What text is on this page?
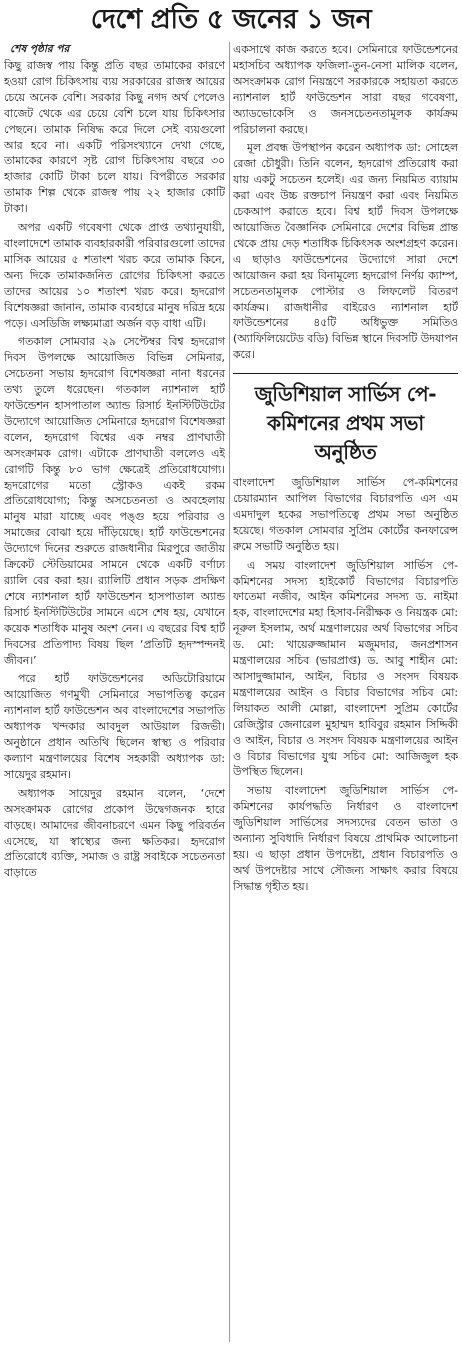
দেশে প্রতি ৫ জনের ১ জন
শেষ পৃষ্ঠার পর

কিছু রাজস্ব পায় কিন্তু প্রতি বছর তামাকের কারণে হওয়া রোগ চিকিৎসায় ব্যয় সরকারের রাজস্ব আয়ের চেয়ে অনেক বেশি। সরকার কিছু নগদ অর্থ পেলেও বাজেট থেকে এর চেয়ে বেশি চলে যায় চিকিৎসার পেছনে। তামাক নিষিদ্ধ করে দিলে সেই ব্যয়গুলো আর হবে না। একটি পরিসংখ্যানে দেখা গেছে, তামাকের কারণে সৃষ্ট রোগ চিকিৎসায় বছরে ৩০ হাজার কোটি টাকা চলে যায়। বিপরীতে সরকার তামাক শিল্প থেকে রাজস্ব পায় ২২ হাজার কোটি টাকা।

অপর একটি গবেষণা থেকে প্রাপ্ত তথ্যানুযায়ী, বাংলাদেশে তামাক ব্যবহারকারী পরিবারগুলো তাদের মাসিক আয়ের ৫ শতাংশ খরচ করে তামাক কিনে, অন্য দিকে তামাকজনিত রোগের চিকিৎসা করতে তাদের আয়ের ১০ শতাংশ খরচ করে। হৃদরোগ বিশেষজ্ঞরা জানান, তামাক ব্যবহারে মানুষ দরিদ্র হয়ে পড়ে। এসডিজি লক্ষ্যমাত্রা অর্জন বড় বাধা এটি।

গতকাল সোমবার ২৯ সেপ্টেম্বর বিশ্ব হৃদরোগ দিবস উপলক্ষে আয়োজিত বিভিন্ন সেমিনার, সেচেতনা সভায় হৃদরোগ বিশেষজ্ঞরা নানা ধরনের তথ্য তুলে ধরেছেন। গতকাল ন্যাশনাল হার্ট ফাউন্ডেশন হাসপাতাল অ্যান্ড রিসার্চ ইনস্টিটিউটের উদ্যোগে আয়োজিত সেমিনারে হৃদরোগ বিশেষজ্ঞরা বলেন, হৃদরোগ বিশ্বের এক নম্বর প্রাণঘাতী অসংক্রামক রোগ। এটাকে প্রাণঘাতী বললেও এই রোগটি কিন্তু ৮০ ভাগ ক্ষেত্রেই প্রতিরোধযোগ্য। হৃদরোগের মতো স্ট্রোকও একই রকম প্রতিরোধযোগ্য; কিন্তু অসচেতনতা ও অবহেলায় মানুষ মারা যাচ্ছে এবং পঙ্গু হয়ে পরিবার ও সমাজের বোঝা হয়ে দাঁড়িয়েছে। হার্ট ফাউন্ডেশনের উদ্যোগে দিনের শুরুতে রাজধানীর মিরপুরে জাতীয় ক্রিকেট স্টেডিয়ামের সামনে থেকে একটি বর্ণাঢ্য র‍্যালি বের করা হয়। র‍্যালিটি প্রধান সড়ক প্রদক্ষিণ শেষে ন্যাশনাল হার্ট ফাউন্ডেশন হাসপাতাল অ্যান্ড রিসার্চ ইনস্টিটিউটের সামনে এসে শেষ হয়, যেখানে কয়েক শতাধিক মানুষ অংশ নেন। এ বছরের বিশ্ব হার্ট দিবসের প্রতিপাদ্য বিষয় ছিল ‘প্রতিটি হৃদস্পন্দনই জীবন।’

পরে হার্ট ফাউন্ডেশনের অডিটোরিয়ামে আয়োজিত গণমুখী সেমিনারে সভাপতিত্ব করেন ন্যাশনাল হার্ট ফাউন্ডেশন অব বাংলাদেশের সভাপতি অধ্যাপক খন্দকার আবদুল আউয়াল রিজভী। অনুষ্ঠানে প্রধান অতিথি ছিলেন স্বাস্থ্য ও পরিবার কল্যাণ মন্ত্রণালয়ের বিশেষ সহকারী অধ্যাপক ডা: সায়েদুর রহমান।

অধ্যাপক সায়েদুর রহমান বলেন, ‘দেশে অসংক্রামক রোগের প্রকোপ উদ্বেগজনক হারে বাড়ছে। আমাদের জীবনাচরণে এমন কিছু পরিবর্তন এসেছে, যা স্বাস্থ্যের জন্য ক্ষতিকর। হৃদরোগ প্রতিরোধে ব্যক্তি, সমাজ ও রাষ্ট্র সবাইকে সচেতনতা বাড়াতে

একসাথে কাজ করতে হবে। সেমিনারে ফাউন্ডেশনের মহাসচিব অধ্যাপক ফজিলা-তুন-নেসা মালিক বলেন, অসংক্রামক রোগ নিয়ন্ত্রণে সরকারকে সহায়তা করতে ন্যাশনাল হার্ট ফাউন্ডেশন সারা বছর গবেষণা, অ্যাডভোকেসি ও জনসচেতনতামূলক কার্যক্রম পরিচালনা করছে।

মূল প্রবন্ধ উপস্থাপন করেন অধ্যাপক ডা: সোহেল রেজা চৌধুরী। তিনি বলেন, হৃদরোগ প্রতিরোধ করা যায় একটু সচেতন হলেই। এর জন্য নিয়মিত ব্যায়াম করা এবং উচ্চ রক্তচাপ নিয়ন্ত্রণ করা এবং নিয়মিত চেকআপ করাতে হবে। বিশ্ব হার্ট দিবস উপলক্ষে আয়োজিত বৈজ্ঞানিক সেমিনারে দেশের বিভিন্ন প্রান্ত থেকে প্রায় দেড় শতাধিক চিকিৎসক অংশগ্রহণ করেন। এ ছাড়াও ফাউন্ডেশনের উদ্যোগে সারা দেশে আয়োজন করা হয় বিনামূল্যে হৃদরোগ নির্ণয় ক্যাম্প, সচেতনতামূলক পোস্টার ও লিফলেট বিতরণ কার্যক্রম। রাজধানীর বাইরেও ন্যাশনাল হার্ট ফাউন্ডেশনের ৪৫টি অধিভুক্ত সমিতিও (অ্যাফিলিয়েটেড বডি) বিভিন্ন স্থানে দিবসটি উদযাপন করে।

জুডিশিয়াল সার্ভিস পে-কমিশনের প্রথম সভা অনুষ্ঠিত

বাংলাদেশ জুডিশিয়াল সার্ভিস পে-কমিশনের চেয়ারম্যান আপিল বিভাগের বিচারপতি এস এম এমদাদুল হকের সভাপতিত্বে প্রথম সভা অনুষ্ঠিত হয়েছে। গতকাল সোমবার সুপ্রিম কোর্টের কনফারেন্স রুমে সভাটি অনুষ্ঠিত হয়।

এ সময় বাংলাদেশ জুডিশিয়াল সার্ভিস পে-কমিশনের সদস্য হাইকোর্ট বিভাগের বিচারপতি ফাতেমা নজীব, আইন কমিশনের সদস্য ড. নাইমা হক, বাংলাদেশের মহা হিসাব-নিরীক্ষক ও নিয়ন্ত্রক মো: নূরুল ইসলাম, অর্থ মন্ত্রণালয়ের অর্থ বিভাগের সচিব ড. মো: খায়েরুজ্জামান মজুমদার, জনপ্রশাসন মন্ত্রণালয়ের সচিব (ভারপ্রাপ্ত) ড. আবু শাহীন মো: আসাদুজ্জামান, আইন, বিচার ও সংসদ বিষয়ক মন্ত্রণালয়ের আইন ও বিচার বিভাগের সচিব মো: লিয়াকত আলী মোল্লা, বাংলাদেশ সুপ্রিম কোর্টের রেজিস্ট্রার জেনারেল মুহাম্মদ হাবিবুর রহমান সিদ্দিকী ও আইন, বিচার ও সংসদ বিষয়ক মন্ত্রণালয়ের আইন ও বিচার বিভাগের যুগ্ম সচিব মো: আজিজুল হক উপস্থিত ছিলেন।

সভায় বাংলাদেশ জুডিশিয়াল সার্ভিস পে-কমিশনের কার্যপদ্ধতি নির্ধারণ ও বাংলাদেশ জুডিশিয়াল সার্ভিসের সদস্যদের বেতন ভাতা ও অন্যান্য সুবিধাদি নির্ধারণ বিষয়ে প্রাথমিক আলোচনা হয়। এ ছাড়া প্রধান উপদেষ্টা, প্রধান বিচারপতি ও অর্থ উপদেষ্টার সাথে সৌজন্য সাক্ষাৎ করার বিষয়ে সিদ্ধান্ত গৃহীত হয়।
